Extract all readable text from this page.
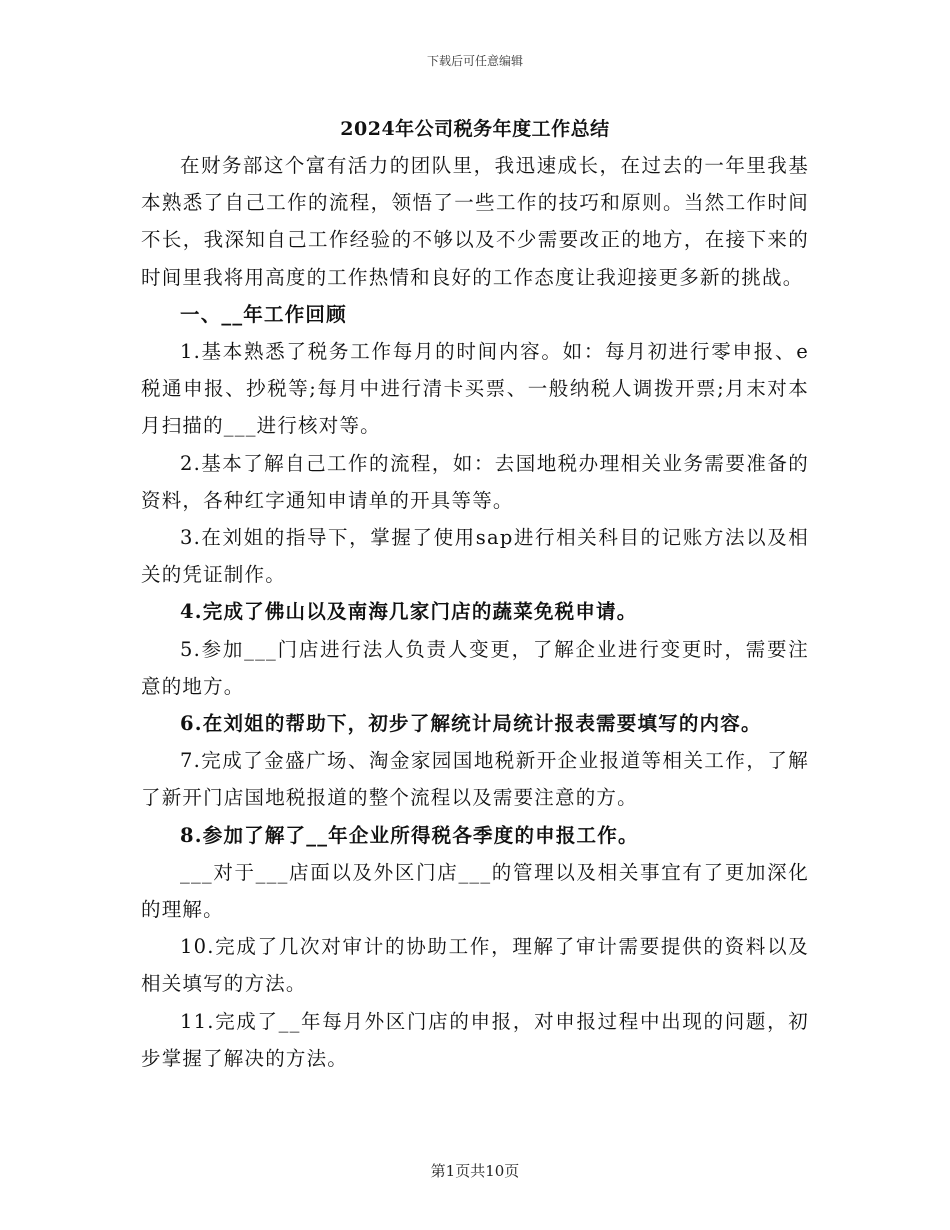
下载后可任意编辑
2024年公司税务年度工作总结

在财务部这个富有活力的团队里，我迅速成长，在过去的一年里我基本熟悉了自己工作的流程，领悟了一些工作的技巧和原则。当然工作时间不长，我深知自己工作经验的不够以及不少需要改正的地方，在接下来的时间里我将用高度的工作热情和良好的工作态度让我迎接更多新的挑战。

一、__年工作回顾

1.基本熟悉了税务工作每月的时间内容。如：每月初进行零申报、e税通申报、抄税等;每月中进行清卡买票、一般纳税人调拨开票;月末对本月扫描的___进行核对等。

2.基本了解自己工作的流程，如：去国地税办理相关业务需要准备的资料，各种红字通知申请单的开具等等。

3.在刘姐的指导下，掌握了使用sap进行相关科目的记账方法以及相关的凭证制作。

4.完成了佛山以及南海几家门店的蔬菜免税申请。

5.参加___门店进行法人负责人变更，了解企业进行变更时，需要注意的地方。

6.在刘姐的帮助下，初步了解统计局统计报表需要填写的内容。

7.完成了金盛广场、淘金家园国地税新开企业报道等相关工作，了解了新开门店国地税报道的整个流程以及需要注意的方。

8.参加了解了__年企业所得税各季度的申报工作。

___对于___店面以及外区门店___的管理以及相关事宜有了更加深化的理解。

10.完成了几次对审计的协助工作，理解了审计需要提供的资料以及相关填写的方法。

11.完成了__年每月外区门店的申报，对申报过程中出现的问题，初步掌握了解决的方法。

第1页共10页
